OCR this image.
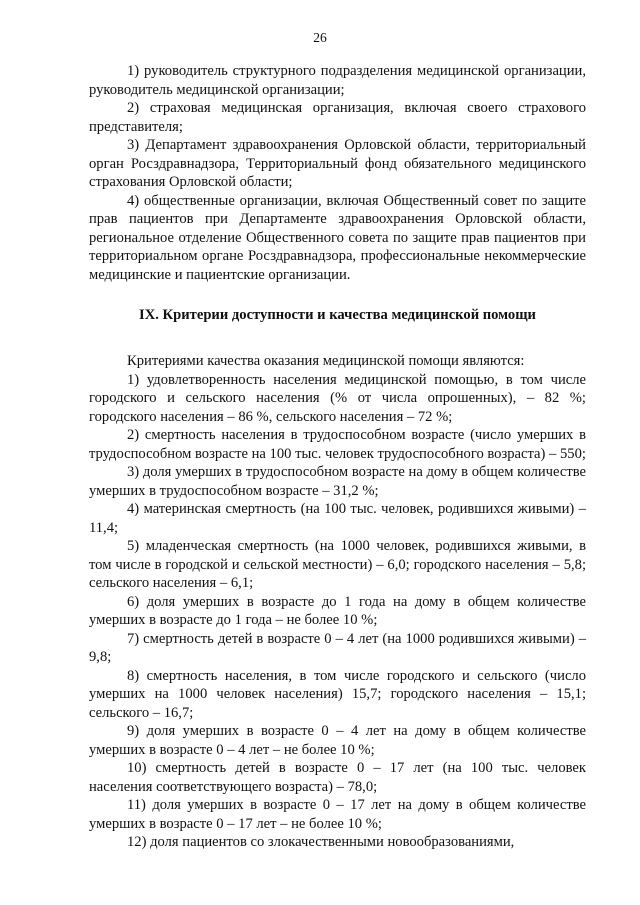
26

1) руководитель структурного подразделения медицинской организации, руководитель медицинской организации;

2) страховая медицинская организация, включая своего страхового представителя;

3) Департамент здравоохранения Орловской области, территориальный орган Росздравнадзора, Территориальный фонд обязательного медицинского страхования Орловской области;

4) общественные организации, включая Общественный совет по защите прав пациентов при Департаменте здравоохранения Орловской области, региональное отделение Общественного совета по защите прав пациентов при территориальном органе Росздравнадзора, профессиональные некоммерческие медицинские и пациентские организации.

IX. Критерии доступности и качества медицинской помощи

Критериями качества оказания медицинской помощи являются:

1) удовлетворенность населения медицинской помощью, в том числе городского и сельского населения (% от числа опрошенных), – 82 %; городского населения – 86 %, сельского населения – 72 %;

2) смертность населения в трудоспособном возрасте (число умерших в трудоспособном возрасте на 100 тыс. человек трудоспособного возраста) – 550;

3) доля умерших в трудоспособном возрасте на дому в общем количестве умерших в трудоспособном возрасте – 31,2 %;

4) материнская смертность (на 100 тыс. человек, родившихся живыми) – 11,4;

5) младенческая смертность (на 1000 человек, родившихся живыми, в том числе в городской и сельской местности) – 6,0; городского населения – 5,8; сельского населения – 6,1;

6) доля умерших в возрасте до 1 года на дому в общем количестве умерших в возрасте до 1 года – не более 10 %;

7) смертность детей в возрасте 0 – 4 лет (на 1000 родившихся живыми) – 9,8;

8) смертность населения, в том числе городского и сельского (число умерших на 1000 человек населения) 15,7; городского населения – 15,1; сельского – 16,7;

9) доля умерших в возрасте 0 – 4 лет на дому в общем количестве умерших в возрасте 0 – 4 лет – не более 10 %;

10) смертность детей в возрасте 0 – 17 лет (на 100 тыс. человек населения соответствующего возраста) – 78,0;

11) доля умерших в возрасте 0 – 17 лет на дому в общем количестве умерших в возрасте 0 – 17 лет – не более 10 %;

12) доля пациентов со злокачественными новообразованиями,
